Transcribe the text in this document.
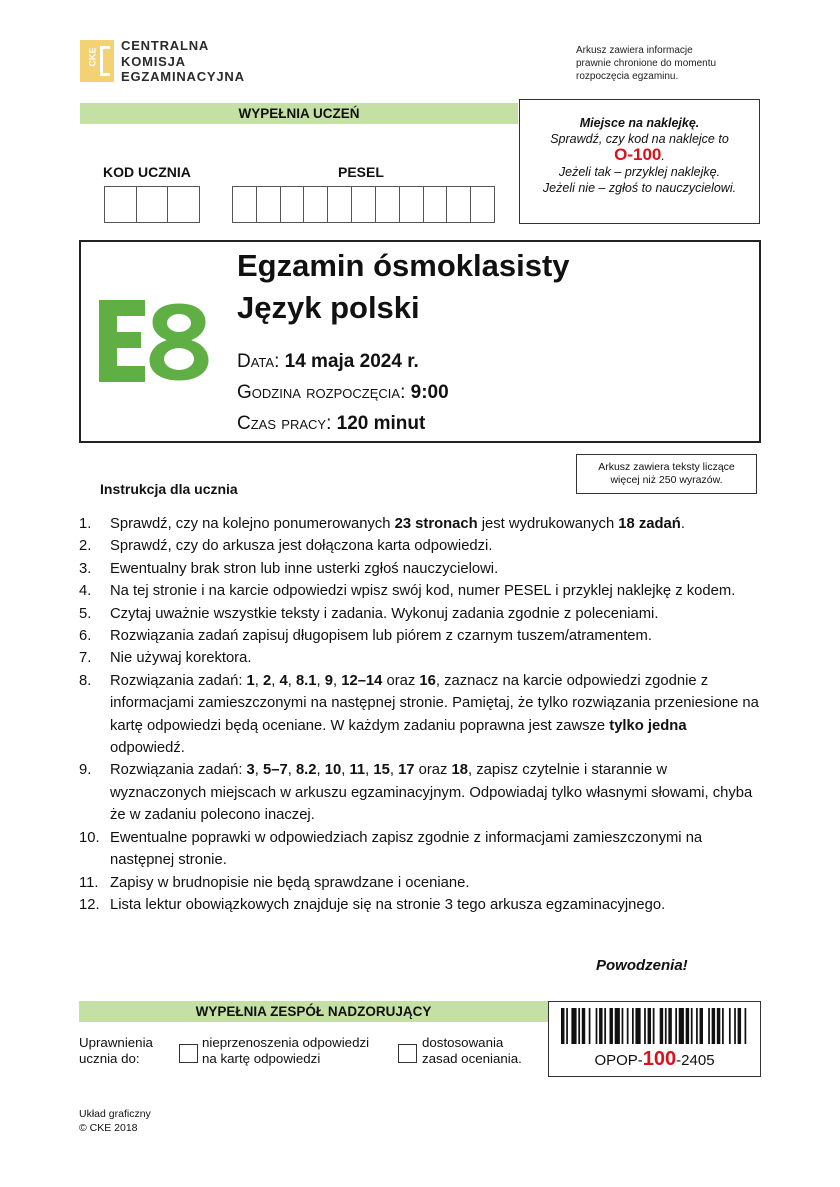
CKE
CENTRALNA
KOMISJA
EGZAMINACYJNA
Arkusz zawiera informacje
prawnie chronione do momentu
rozpoczęcia egzaminu.
WYPEŁNIA UCZEŃ
KOD UCZNIA	PESEL
Miejsce na naklejkę.
Sprawdź, czy kod na naklejce to
O-100.
Jeżeli tak – przyklej naklejkę.
Jeżeli nie – zgłoś to nauczycielowi.
Egzamin ósmoklasisty
Język polski
Data: 14 maja 2024 r.
Godzina rozpoczęcia: 9:00
Czas pracy: 120 minut
Arkusz zawiera teksty liczące
więcej niż 250 wyrazów.
Instrukcja dla ucznia
1.	Sprawdź, czy na kolejno ponumerowanych 23 stronach jest wydrukowanych 18 zadań.
2.	Sprawdź, czy do arkusza jest dołączona karta odpowiedzi.
3.	Ewentualny brak stron lub inne usterki zgłoś nauczycielowi.
4.	Na tej stronie i na karcie odpowiedzi wpisz swój kod, numer PESEL i przyklej naklejkę z kodem.
5.	Czytaj uważnie wszystkie teksty i zadania. Wykonuj zadania zgodnie z poleceniami.
6.	Rozwiązania zadań zapisuj długopisem lub piórem z czarnym tuszem/atramentem.
7.	Nie używaj korektora.
8.	Rozwiązania zadań: 1, 2, 4, 8.1, 9, 12–14 oraz 16, zaznacz na karcie odpowiedzi zgodnie z informacjami zamieszczonymi na następnej stronie. Pamiętaj, że tylko rozwiązania przeniesione na kartę odpowiedzi będą oceniane. W każdym zadaniu poprawna jest zawsze tylko jedna odpowiedź.
9.	Rozwiązania zadań: 3, 5–7, 8.2, 10, 11, 15, 17 oraz 18, zapisz czytelnie i starannie w wyznaczonych miejscach w arkuszu egzaminacyjnym. Odpowiadaj tylko własnymi słowami, chyba że w zadaniu polecono inaczej.
10. Ewentualne poprawki w odpowiedziach zapisz zgodnie z informacjami zamieszczonymi na następnej stronie.
11. Zapisy w brudnopisie nie będą sprawdzane i oceniane.
12. Lista lektur obowiązkowych znajduje się na stronie 3 tego arkusza egzaminacyjnego.
Powodzenia!
WYPEŁNIA ZESPÓŁ NADZORUJĄCY
Uprawnienia
ucznia do:
nieprzenoszenia odpowiedzi
na kartę odpowiedzi
dostosowania
zasad oceniania.	OPOP-100-2405
Układ graficzny
© CKE 2018
